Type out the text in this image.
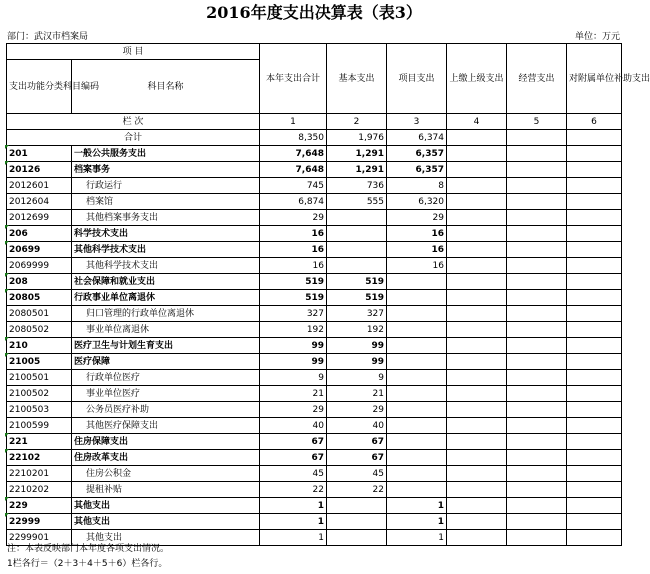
2016年度支出决算表（表3）
部门：武汉市档案局	单位：万元
项 目		本年支出合计	基本支出	项目支出	上缴上级支出	经营支出	对附属单位补助支出
支出功能分类科目编码	科目名称						

栏 次		1	2	3	4	5	6
合计		8,350	1,976	6,374			
201	一般公共服务支出	7,648	1,291	6,357			
20126	档案事务	7,648	1,291	6,357			
2012601	行政运行	745	736	8			
2012604	档案馆	6,874	555	6,320			
2012699	其他档案事务支出	29		29			
206	科学技术支出	16		16			
20699	其他科学技术支出	16		16			
2069999	其他科学技术支出	16		16			
208	社会保障和就业支出	519	519				
20805	行政事业单位离退休	519	519				
2080501	归口管理的行政单位离退休	327	327				
2080502	事业单位离退休	192	192				
210	医疗卫生与计划生育支出	99	99				
21005	医疗保障	99	99				
2100501	行政单位医疗	9	9				
2100502	事业单位医疗	21	21				
2100503	公务员医疗补助	29	29				
2100599	其他医疗保障支出	40	40				
221	住房保障支出	67	67				
22102	住房改革支出	67	67				
2210201	住房公积金	45	45				
2210202	提租补贴	22	22				
229	其他支出	1		1			
22999	其他支出	1		1			
2299901	其他支出	1		1			
注：本表反映部门本年度各项支出情况。
1栏各行＝（2＋3＋4＋5＋6）栏各行。
